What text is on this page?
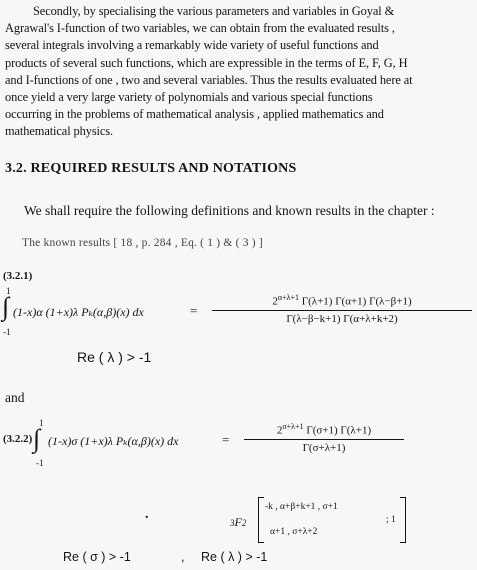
Secondly, by specialising the various parameters and variables in Goyal &
Agrawal's I-function of two variables, we can obtain from the evaluated results ,
several integrals involving a remarkably wide variety of useful functions and
products of several such functions, which are expressible in the terms of E, F, G, H
and I-functions of one , two and several variables. Thus the results evaluated here at
once yield a very large variety of polynomials and various special functions
occurring in the problems of mathematical analysis , applied mathematics and
mathematical physics.
3.2. REQUIRED RESULTS AND NOTATIONS
We shall require the following definitions and known results in the chapter :
The known results [ 18 , p. 284 , Eq. ( 1 ) & ( 3 ) ]
(3.2.1)
1
∫
-1
(1-x)α (1+x)λ Pₖ(α,β)(x) dx	=
$2^{\alpha+\lambda+1}$ Γ(λ+1) Γ(α+1) Γ(λ−β+1)
Γ(λ−β−k+1) Γ(α+λ+k+2)
Re ( λ ) > -1
and
1
(3.2.2) ∫
-1
(1-x)σ (1+x)λ Pₖ(α,β)(x) dx	=
$2^{\sigma+\lambda+1}$ Γ(σ+1) Γ(λ+1)
Γ(σ+λ+1)
.
3F2
-k , α+β+k+1 , σ+1
α+1 , σ+λ+2
; 1
Re ( σ ) > -1	, Re ( λ ) > -1
